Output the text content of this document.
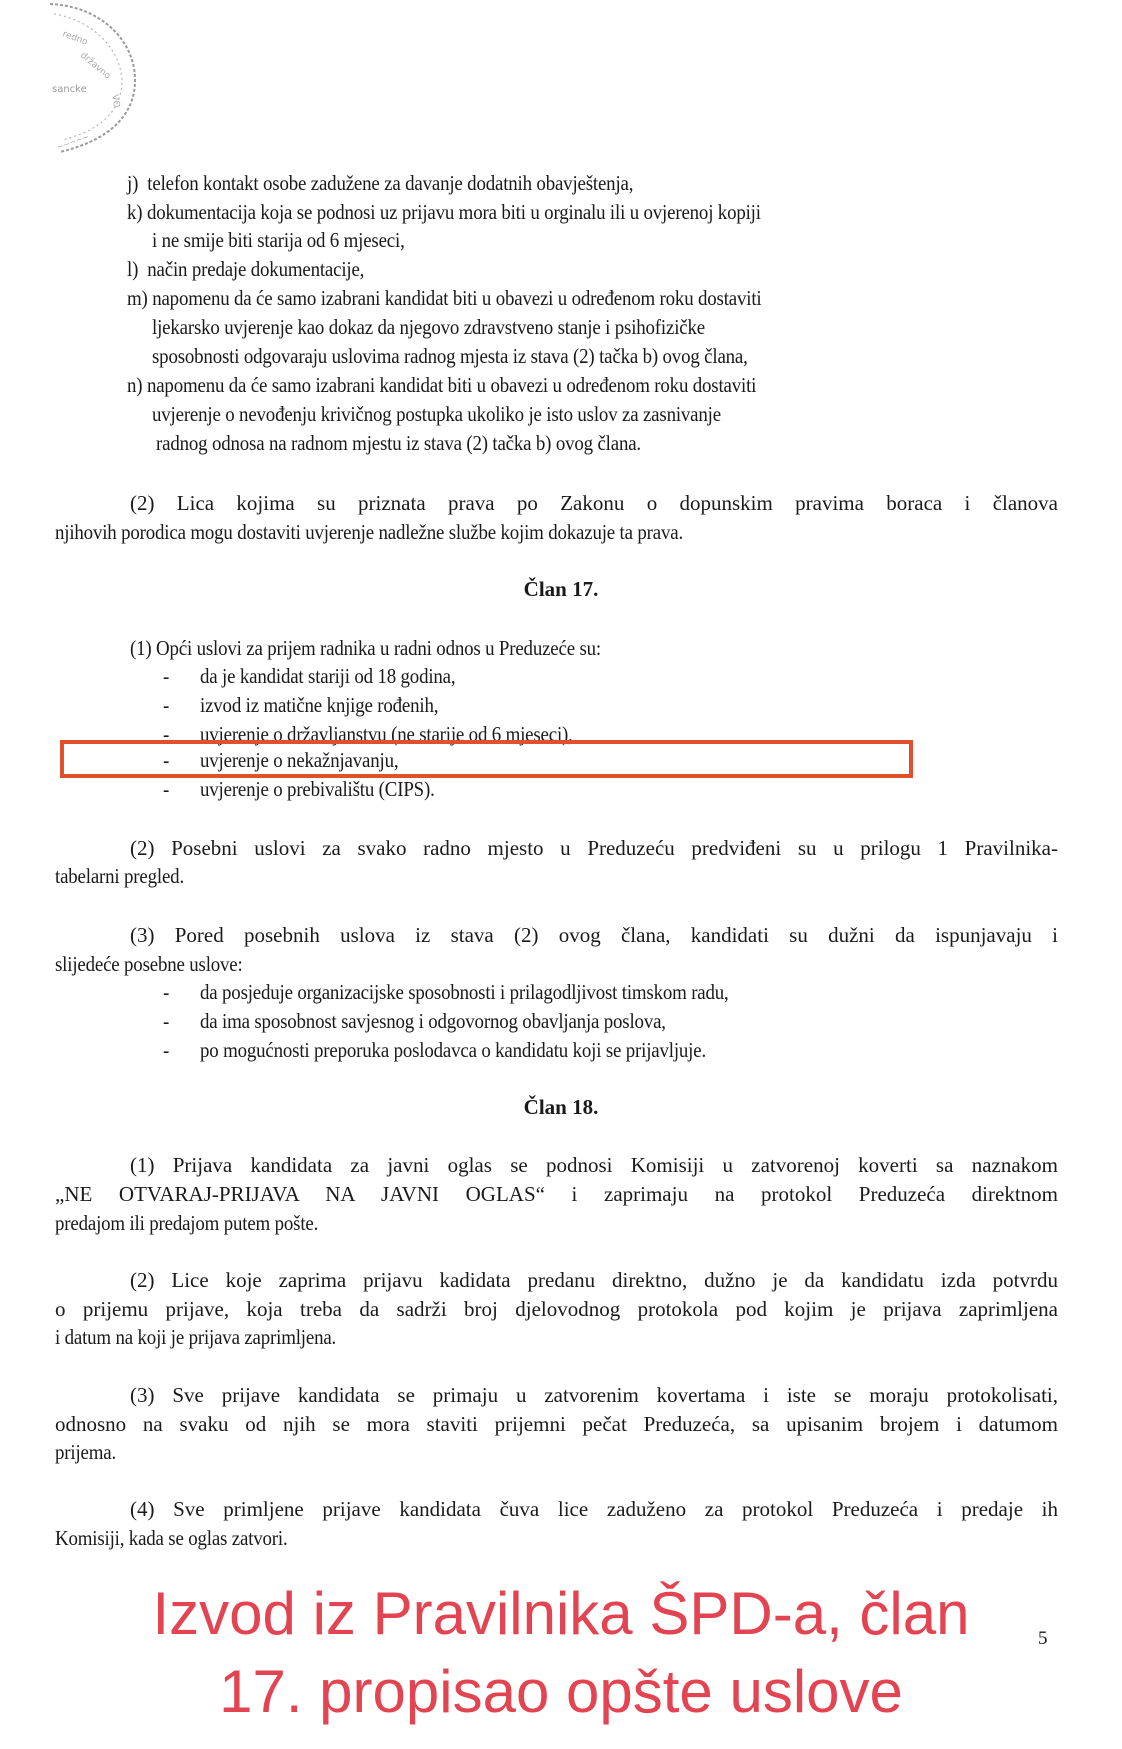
redno
državno
sancke
VO
~~~~~
j) telefon kontakt osobe zadužene za davanje dodatnih obavještenja,
k) dokumentacija koja se podnosi uz prijavu mora biti u orginalu ili u ovjerenoj kopiji
i ne smije biti starija od 6 mjeseci,
l) način predaje dokumentacije,
m) napomenu da će samo izabrani kandidat biti u obavezi u određenom roku dostaviti
ljekarsko uvjerenje kao dokaz da njegovo zdravstveno stanje i psihofizičke
sposobnosti odgovaraju uslovima radnog mjesta iz stava (2) tačka b) ovog člana,
n) napomenu da će samo izabrani kandidat biti u obavezi u određenom roku dostaviti
uvjerenje o nevođenju krivičnog postupka ukoliko je isto uslov za zasnivanje
radnog odnosa na radnom mjestu iz stava (2) tačka b) ovog člana.
(2) Lica kojima su priznata prava po Zakonu o dopunskim pravima boraca i članova
njihovih porodica mogu dostaviti uvjerenje nadležne službe kojim dokazuje ta prava.
Član 17.
(1) Opći uslovi za prijem radnika u radni odnos u Preduzeće su:
- da je kandidat stariji od 18 godina,
- izvod iz matične knjige rođenih,
- uvjerenje o državljanstvu (ne starije od 6 mjeseci),
- uvjerenje o nekažnjavanju,
- uvjerenje o prebivalištu (CIPS).
(2) Posebni uslovi za svako radno mjesto u Preduzeću predviđeni su u prilogu 1 Pravilnika-
tabelarni pregled.
(3) Pored posebnih uslova iz stava (2) ovog člana, kandidati su dužni da ispunjavaju i
slijedeće posebne uslove:
- da posjeduje organizacijske sposobnosti i prilagodljivost timskom radu,
- da ima sposobnost savjesnog i odgovornog obavljanja poslova,
- po mogućnosti preporuka poslodavca o kandidatu koji se prijavljuje.
Član 18.
(1) Prijava kandidata za javni oglas se podnosi Komisiji u zatvorenoj koverti sa naznakom
„NE OTVARAJ-PRIJAVA NA JAVNI OGLAS“ i zaprimaju na protokol Preduzeća direktnom
predajom ili predajom putem pošte.
(2) Lice koje zaprima prijavu kadidata predanu direktno, dužno je da kandidatu izda potvrdu
o prijemu prijave, koja treba da sadrži broj djelovodnog protokola pod kojim je prijava zaprimljena
i datum na koji je prijava zaprimljena.
(3) Sve prijave kandidata se primaju u zatvorenim kovertama i iste se moraju protokolisati,
odnosno na svaku od njih se mora staviti prijemni pečat Preduzeća, sa upisanim brojem i datumom
prijema.
(4) Sve primljene prijave kandidata čuva lice zaduženo za protokol Preduzeća i predaje ih
Komisiji, kada se oglas zatvori.
5
Izvod iz Pravilnika ŠPD-a, član
17. propisao opšte uslove
